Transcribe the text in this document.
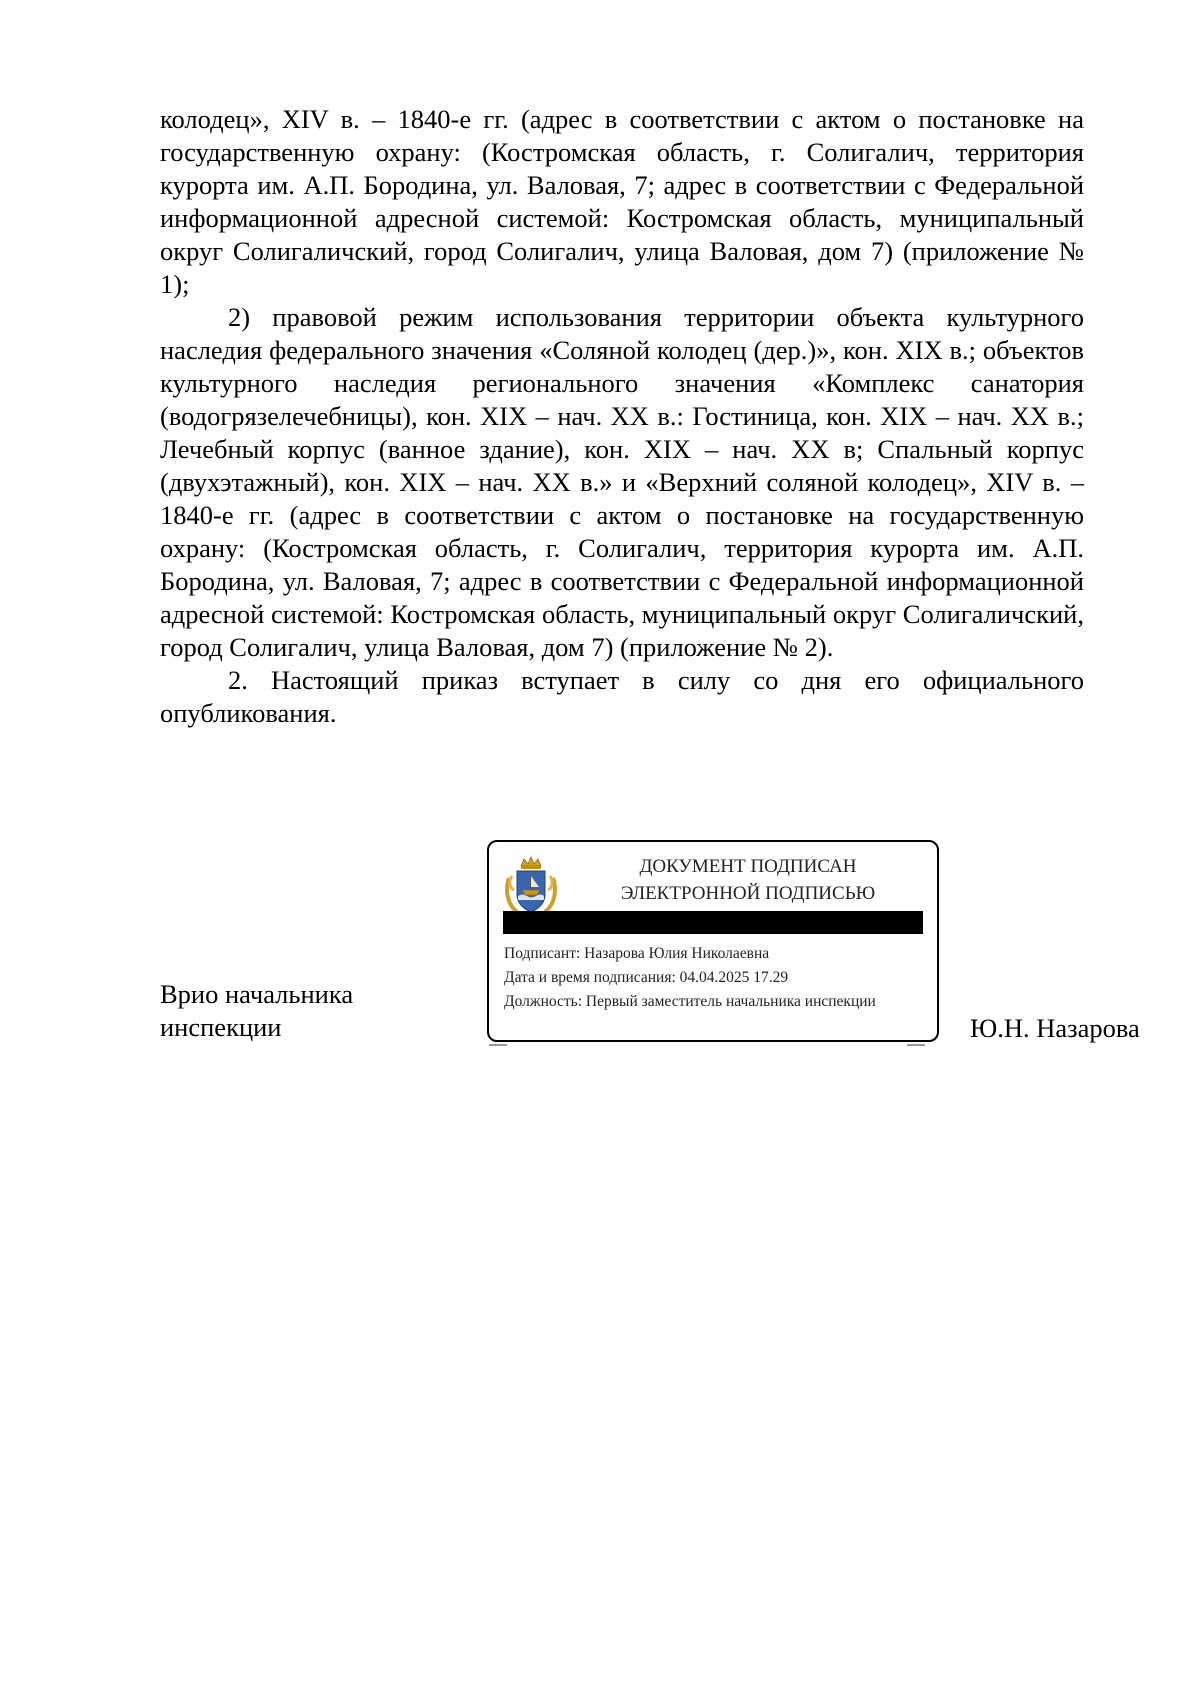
колодец», XIV в. – 1840-е гг. (адрес в соответствии с актом о постановке на государственную охрану: (Костромская область, г. Солигалич, территория курорта им. А.П. Бородина, ул. Валовая, 7; адрес в соответствии с Федеральной информационной адресной системой: Костромская область, муниципальный округ Солигаличский, город Солигалич, улица Валовая, дом 7) (приложение № 1);

2) правовой режим использования территории объекта культурного наследия федерального значения «Соляной колодец (дер.)», кон. XIX в.; объектов культурного наследия регионального значения «Комплекс санатория (водогрязелечебницы), кон. XIX – нач. XX в.: Гостиница, кон. XIX – нач. XX в.; Лечебный корпус (ванное здание), кон. XIX – нач. XX в; Спальный корпус (двухэтажный), кон. XIX – нач. XX в.» и «Верхний соляной колодец», XIV в. – 1840-е гг. (адрес в соответствии с актом о постановке на государственную охрану: (Костромская область, г. Солигалич, территория курорта им. А.П. Бородина, ул. Валовая, 7; адрес в соответствии с Федеральной информационной адресной системой: Костромская область, муниципальный округ Солигаличский, город Солигалич, улица Валовая, дом 7) (приложение № 2).

2. Настоящий приказ вступает в силу со дня его официального опубликования.

Врио начальника
инспекции
ДОКУМЕНТ ПОДПИСАН
ЭЛЕКТРОННОЙ ПОДПИСЬЮ
Подписант: Назарова Юлия Николаевна
Дата и время подписания: 04.04.2025 17.29
Должность: Первый заместитель начальника инспекции
Ю.Н. Назарова
